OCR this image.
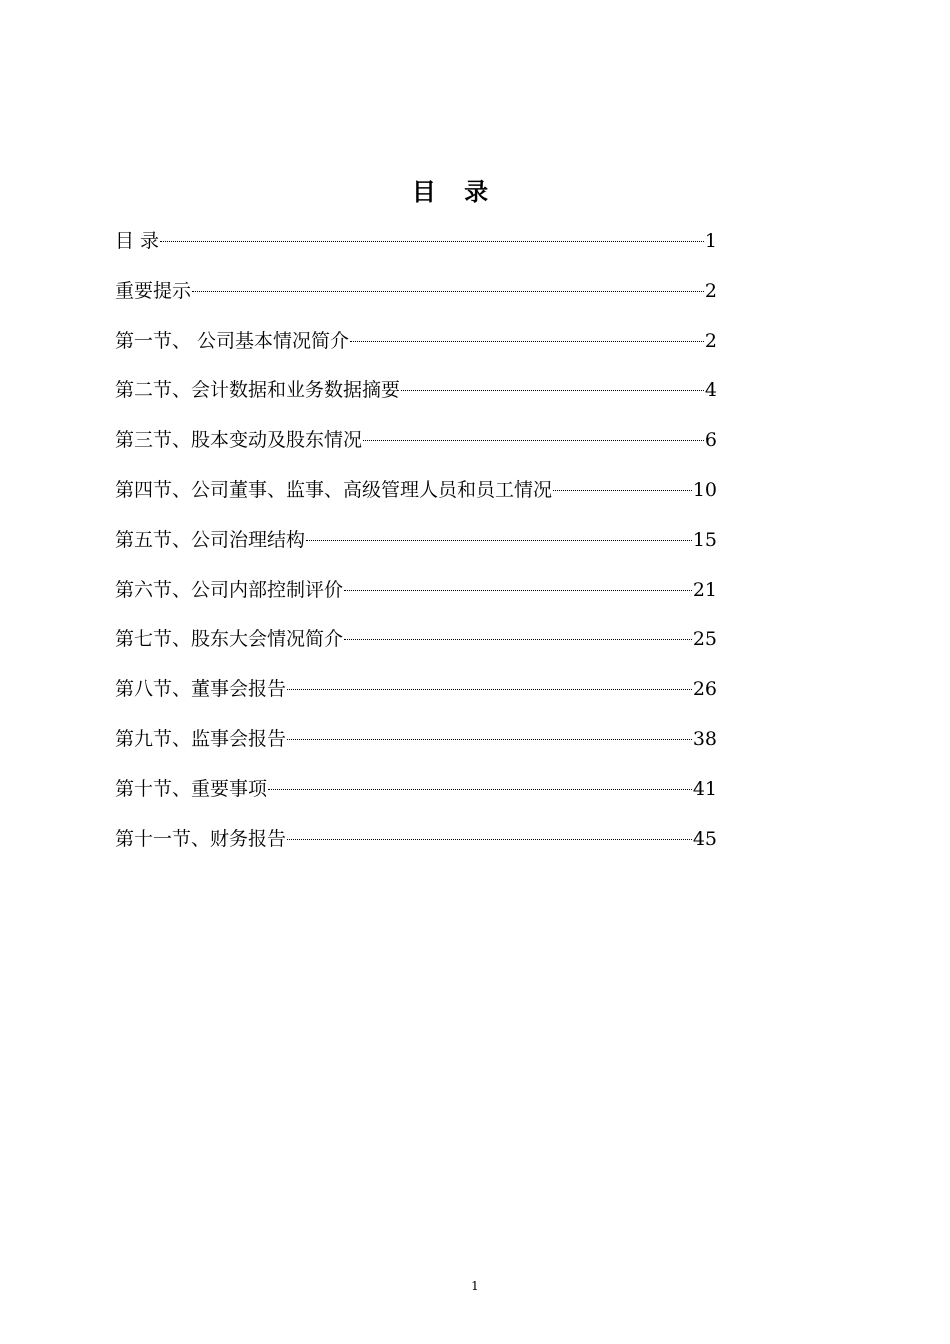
目 录
目 录	1
重要提示	2
第一节、 公司基本情况简介	2
第二节、会计数据和业务数据摘要	4
第三节、股本变动及股东情况	6
第四节、公司董事、监事、高级管理人员和员工情况	10
第五节、公司治理结构	15
第六节、公司内部控制评价	21
第七节、股东大会情况简介	25
第八节、董事会报告	26
第九节、监事会报告	38
第十节、重要事项	41
第十一节、财务报告	45
1
